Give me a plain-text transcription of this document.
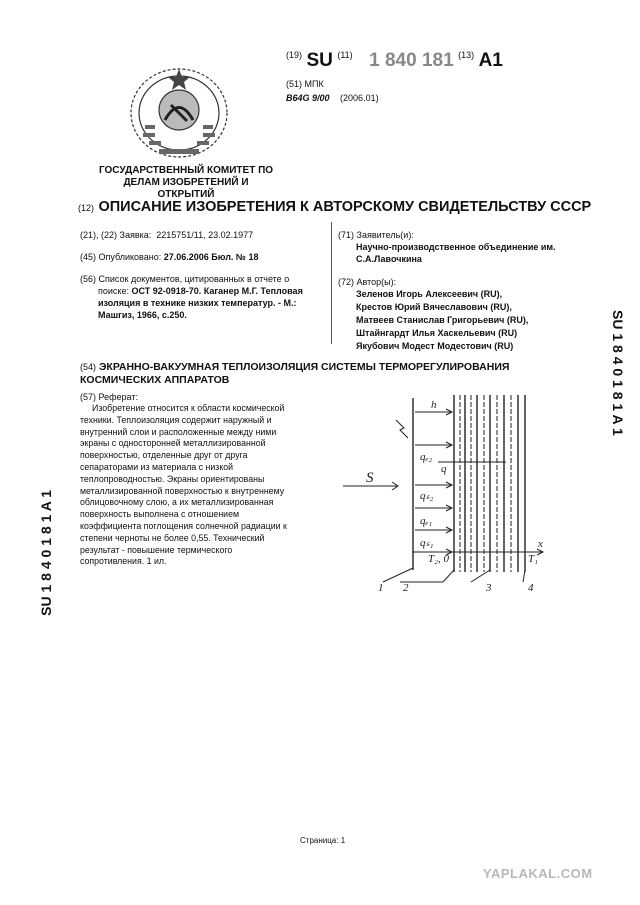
ГОСУДАРСТВЕННЫЙ КОМИТЕТ ПО
ДЕЛАМ ИЗОБРЕТЕНИЙ И ОТКРЫТИЙ
$^{(19)}$ SU $^{(11)}$ 1 840 181 $^{(13)}$ A1
(51) МПК
B64G 9/00 (2006.01)
(12) ОПИСАНИЕ ИЗОБРЕТЕНИЯ К АВТОРСКОМУ СВИДЕТЕЛЬСТВУ СССР
(21), (22) Заявка: 2215751/11, 23.02.1977
(45) Опубликовано: 27.06.2006 Бюл. № 18
(56) Список документов, цитированных в отчете о
поиске: ОСТ 92-0918-70. Каганер М.Г. Тепловая
изоляция в технике низких температур. - М.:
Машгиз, 1966, с.250.
(71) Заявитель(и):
Научно-производственное объединение им.
С.А.Лавочкина
(72) Автор(ы):
Зеленов Игорь Алексеевич (RU),
Крестов Юрий Вячеславович (RU),
Матвеев Станислав Григорьевич (RU),
Штайнгардт Илья Хаскельевич (RU)
Якубович Модест Модестович (RU)
(54) ЭКРАННО-ВАКУУМНАЯ ТЕПЛОИЗОЛЯЦИЯ СИСТЕМЫ ТЕРМОРЕГУЛИРОВАНИЯ
КОСМИЧЕСКИХ АППАРАТОВ
(57) Реферат:
Изобретение относится к области космической
техники. Теплоизоляция содержит наружный и
внутренний слои и расположенные между ними
экраны с односторонней металлизированной
поверхностью, отделенные друг от друга
сепараторами из материала с низкой
теплопроводностью. Экраны ориентированы
металлизированной поверхностью к внутреннему
облицовочному слою, а их металлизированная
поверхность выполнена с отношением
коэффициента поглощения солнечной радиации к
степени черноты не более 0,55. Технический
результат - повышение термического
сопротивления. 1 ил.
h
S
q
qₑ₂
qₛ₂
qₑ₁
qₛ₁
T₂, 0	T₁
x
1 2	3	4
SU 1 8 4 0 1 8 1 A 1
SU 1 8 4 0 1 8 1 A 1
Страница: 1
YAPLAKAL.COM
